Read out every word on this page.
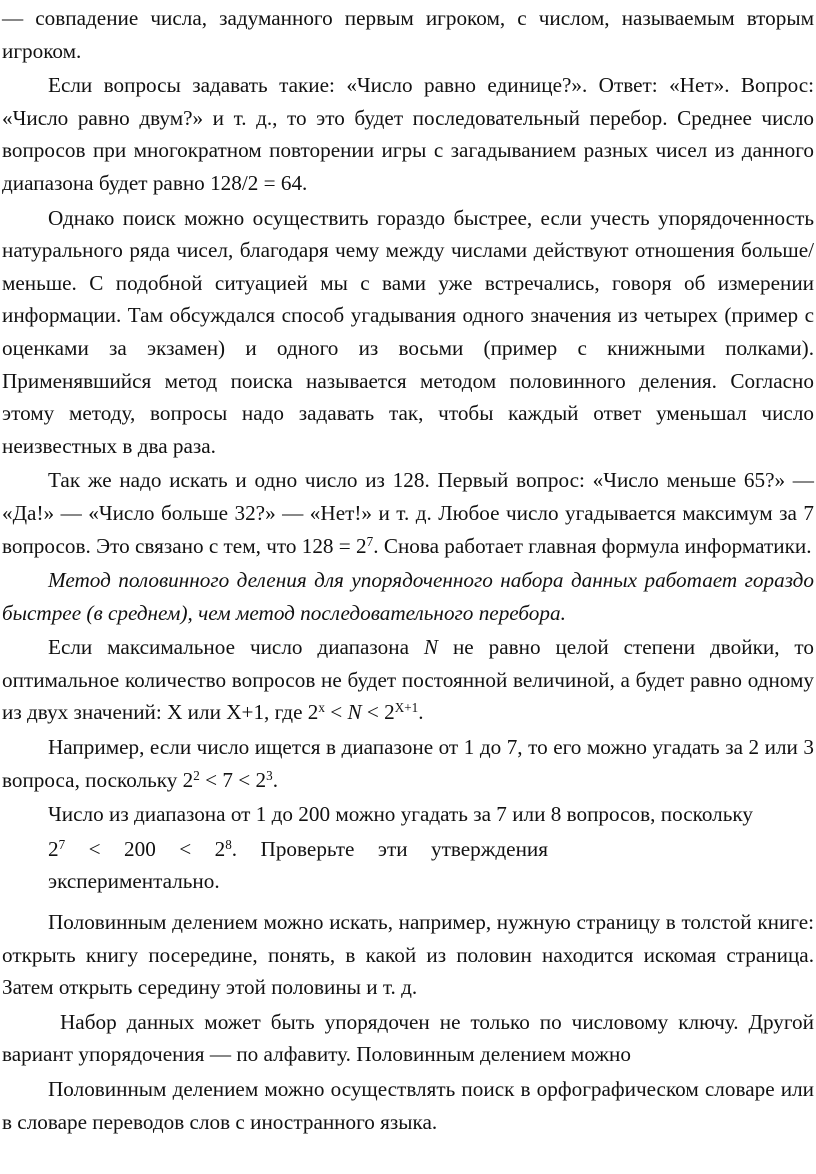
— совпадение числа, задуманного первым игроком, с числом, называемым вторым игроком.

Если вопросы задавать такие: «Число равно единице?». Ответ: «Нет». Вопрос: «Число равно двум?» и т. д., то это будет последовательный перебор. Среднее число вопросов при многократном повторении игры с загадыванием разных чисел из данного диапазона будет равно 128/2 = 64.

Однако поиск можно осуществить гораздо быстрее, если учесть упорядоченность натурального ряда чисел, благодаря чему между числами действуют отношения больше/меньше. С подобной ситуацией мы с вами уже встречались, говоря об измерении информации. Там обсуждался способ угадывания одного значения из четырех (пример с оценками за экзамен) и одного из восьми (пример с книжными полками). Применявшийся метод поиска называется методом половинного деления. Согласно этому методу, вопросы надо задавать так, чтобы каждый ответ уменьшал число неизвестных в два раза.

Так же надо искать и одно число из 128. Первый вопрос: «Число меньше 65?» — «Да!» — «Число больше 32?» — «Нет!» и т. д. Любое число угадывается максимум за 7 вопросов. Это связано с тем, что $128 = 2^7$. Снова работает главная формула информатики.

Метод половинного деления для упорядоченного набора данных работает гораздо быстрее (в среднем), чем метод последовательного перебора.

Если максимальное число диапазона N не равно целой степени двойки, то оптимальное количество вопросов не будет постоянной величиной, а будет равно одному из двух значений: X или X+1, где $2^x < N < 2^{X+1}$.

Например, если число ищется в диапазоне от 1 до 7, то его можно угадать за 2 или 3 вопроса, поскольку $2^2 < 7 < 2^3$.

Число из диапазона от 1 до 200 можно угадать за 7 или 8 вопросов, поскольку

$2^7 < 200 < 2^8$.  Проверьте  эти  утверждения экспериментально.

Половинным делением можно искать, например, нужную страницу в толстой книге: открыть книгу посередине, понять, в какой из половин находится искомая страница. Затем открыть середину этой половины и т. д.

Набор данных может быть упорядочен не только по числовому ключу. Другой вариант упорядочения — по алфавиту. Половинным делением можно

Половинным делением можно осуществлять поиск в орфографическом словаре или в словаре переводов слов с иностранного языка.
